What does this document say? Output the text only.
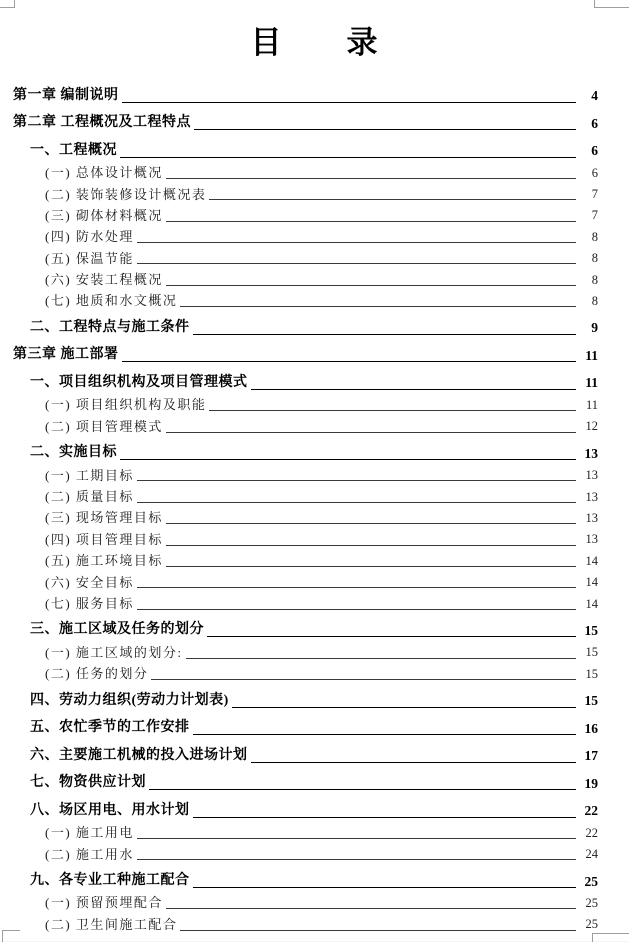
目　　录
第一章 编制说明	4
第二章 工程概况及工程特点	6
一、工程概况	6
(一) 总体设计概况	6
(二) 装饰装修设计概况表	7
(三) 砌体材料概况	7
(四) 防水处理	8
(五) 保温节能	8
(六) 安装工程概况	8
(七) 地质和水文概况	8
二、工程特点与施工条件	9
第三章 施工部署	11
一、项目组织机构及项目管理模式	11
(一) 项目组织机构及职能	11
(二) 项目管理模式	12
二、实施目标	13
(一) 工期目标	13
(二) 质量目标	13
(三) 现场管理目标	13
(四) 项目管理目标	13
(五) 施工环境目标	14
(六) 安全目标	14
(七) 服务目标	14
三、施工区域及任务的划分	15
(一) 施工区域的划分:	15
(二) 任务的划分	15
四、劳动力组织(劳动力计划表)	15
五、农忙季节的工作安排	16
六、主要施工机械的投入进场计划	17
七、物资供应计划	19
八、场区用电、用水计划	22
(一) 施工用电	22
(二) 施工用水	24
九、各专业工种施工配合	25
(一) 预留预埋配合	25
(二) 卫生间施工配合	25
